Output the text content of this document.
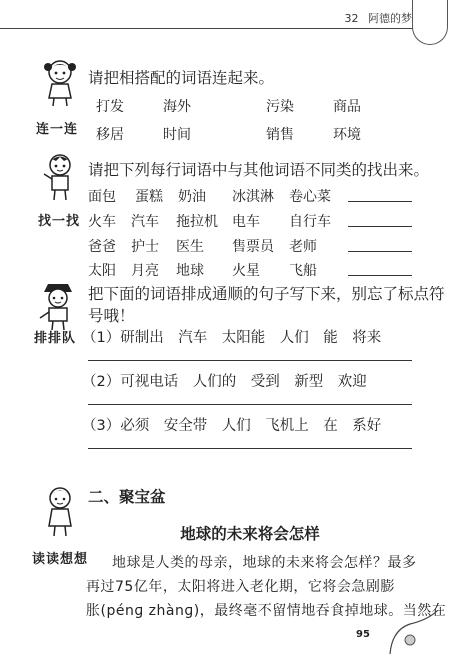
32 阿德的梦
连一连
请把相搭配的词语连起来。
打发	海外	污染	商品
移居	时间	销售	环境
找一找
请把下列每行词语中与其他词语不同类的找出来。
面包 蛋糕 奶油 冰淇淋 卷心菜
火车 汽车 拖拉机 电车 自行车
爸爸 护士 医生 售票员 老师
太阳 月亮 地球 火星 飞船
排排队
把下面的词语排成通顺的句子写下来，别忘了标点符
号哦！
（1）研制出　汽车　太阳能　人们　能　将来
（2）可视电话　人们的　受到　新型　欢迎
（3）必须　安全带　人们　飞机上　在　系好
二、聚宝盆
读读想想
地球的未来将会怎样
地球是人类的母亲，地球的未来将会怎样？最多
再过75亿年，太阳将进入老化期，它将会急剧膨
胀(pénɡ zhànɡ)，最终毫不留情地吞食掉地球。当然在
95
